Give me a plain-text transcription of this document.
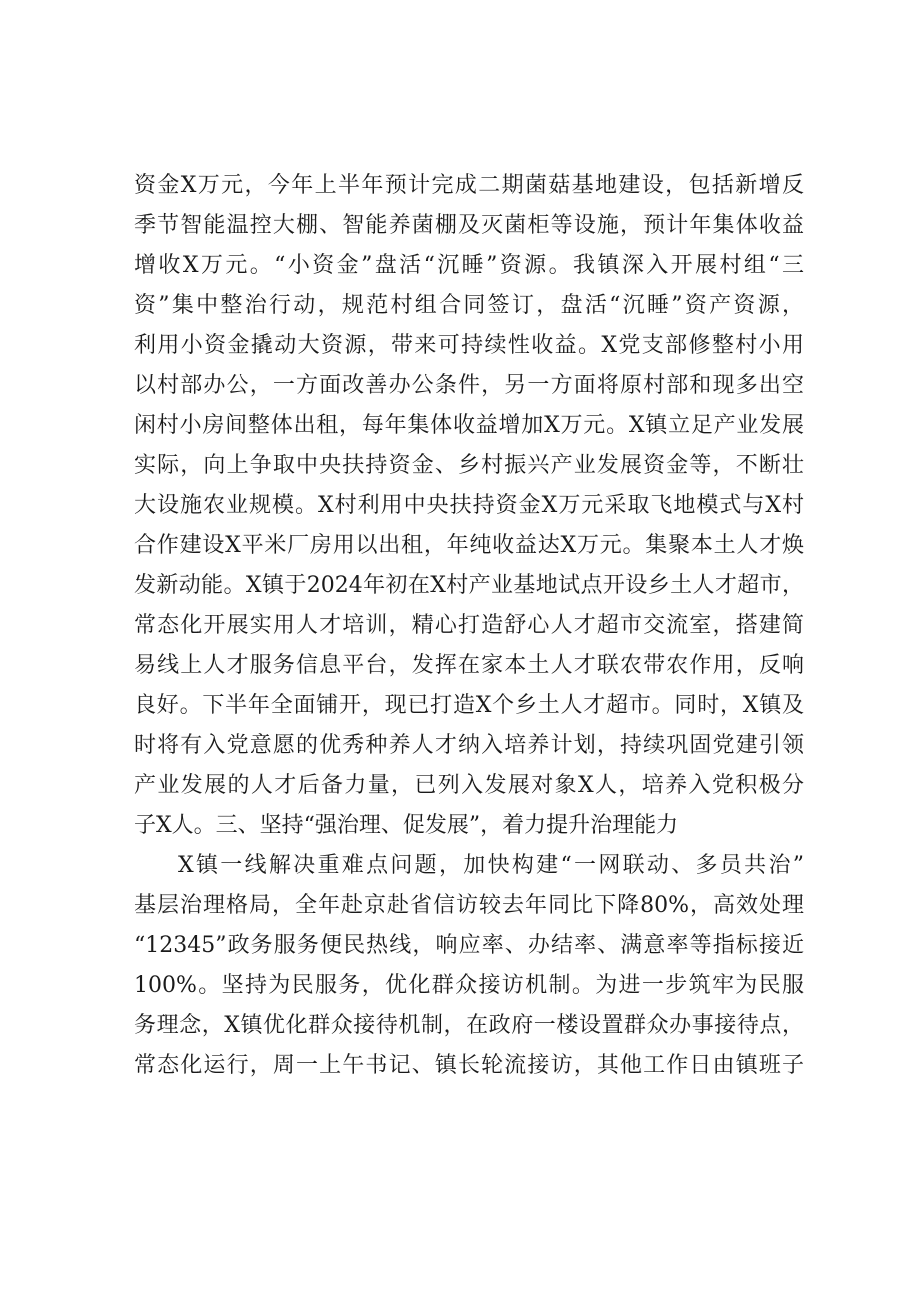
资金X万元，今年上半年预计完成二期菌菇基地建设，包括新增反
季节智能温控大棚、智能养菌棚及灭菌柜等设施，预计年集体收益
增收X万元。“小资金”盘活“沉睡”资源。我镇深入开展村组“三
资”集中整治行动，规范村组合同签订，盘活“沉睡”资产资源，
利用小资金撬动大资源，带来可持续性收益。X党支部修整村小用
以村部办公，一方面改善办公条件，另一方面将原村部和现多出空
闲村小房间整体出租，每年集体收益增加X万元。X镇立足产业发展
实际，向上争取中央扶持资金、乡村振兴产业发展资金等，不断壮
大设施农业规模。X村利用中央扶持资金X万元采取飞地模式与X村
合作建设X平米厂房用以出租，年纯收益达X万元。集聚本土人才焕
发新动能。X镇于2024年初在X村产业基地试点开设乡土人才超市，
常态化开展实用人才培训，精心打造舒心人才超市交流室，搭建简
易线上人才服务信息平台，发挥在家本土人才联农带农作用，反响
良好。下半年全面铺开，现已打造X个乡土人才超市。同时，X镇及
时将有入党意愿的优秀种养人才纳入培养计划，持续巩固党建引领
产业发展的人才后备力量，已列入发展对象X人，培养入党积极分
子X人。三、坚持“强治理、促发展”，着力提升治理能力
X镇一线解决重难点问题，加快构建“一网联动、多员共治”
基层治理格局，全年赴京赴省信访较去年同比下降80%，高效处理
“12345”政务服务便民热线，响应率、办结率、满意率等指标接近
100%。坚持为民服务，优化群众接访机制。为进一步筑牢为民服
务理念，X镇优化群众接待机制，在政府一楼设置群众办事接待点，
常态化运行，周一上午书记、镇长轮流接访，其他工作日由镇班子
